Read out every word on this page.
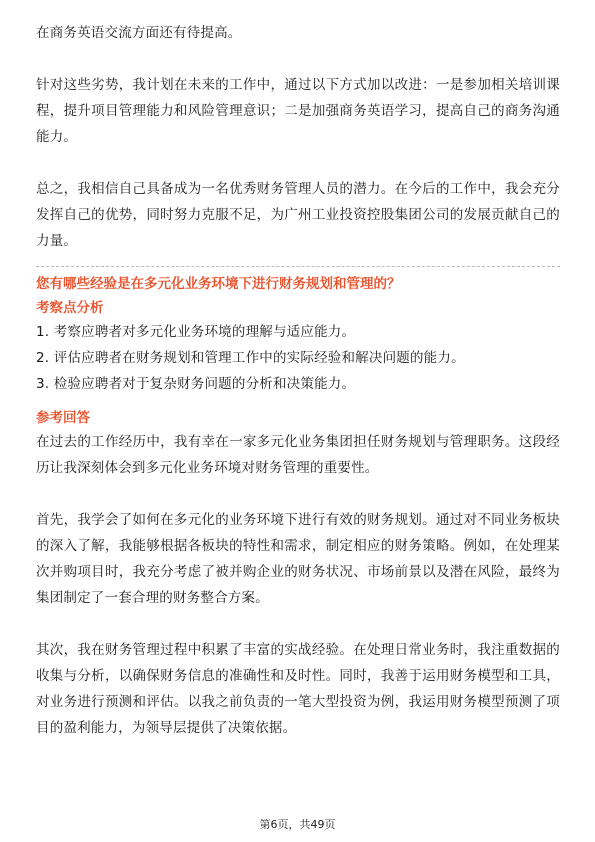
在商务英语交流方面还有待提高。

针对这些劣势，我计划在未来的工作中，通过以下方式加以改进：一是参加相关培训课程，提升项目管理能力和风险管理意识；二是加强商务英语学习，提高自己的商务沟通能力。

总之，我相信自己具备成为一名优秀财务管理人员的潜力。在今后的工作中，我会充分发挥自己的优势，同时努力克服不足，为广州工业投资控股集团公司的发展贡献自己的力量。

您有哪些经验是在多元化业务环境下进行财务规划和管理的？

考察点分析

1. 考察应聘者对多元化业务环境的理解与适应能力。
2. 评估应聘者在财务规划和管理工作中的实际经验和解决问题的能力。
3. 检验应聘者对于复杂财务问题的分析和决策能力。

参考回答

在过去的工作经历中，我有幸在一家多元化业务集团担任财务规划与管理职务。这段经历让我深刻体会到多元化业务环境对财务管理的重要性。

首先，我学会了如何在多元化的业务环境下进行有效的财务规划。通过对不同业务板块的深入了解，我能够根据各板块的特性和需求，制定相应的财务策略。例如，在处理某次并购项目时，我充分考虑了被并购企业的财务状况、市场前景以及潜在风险，最终为集团制定了一套合理的财务整合方案。

其次，我在财务管理过程中积累了丰富的实战经验。在处理日常业务时，我注重数据的收集与分析，以确保财务信息的准确性和及时性。同时，我善于运用财务模型和工具，对业务进行预测和评估。以我之前负责的一笔大型投资为例，我运用财务模型预测了项目的盈利能力，为领导层提供了决策依据。

第6页，共49页
